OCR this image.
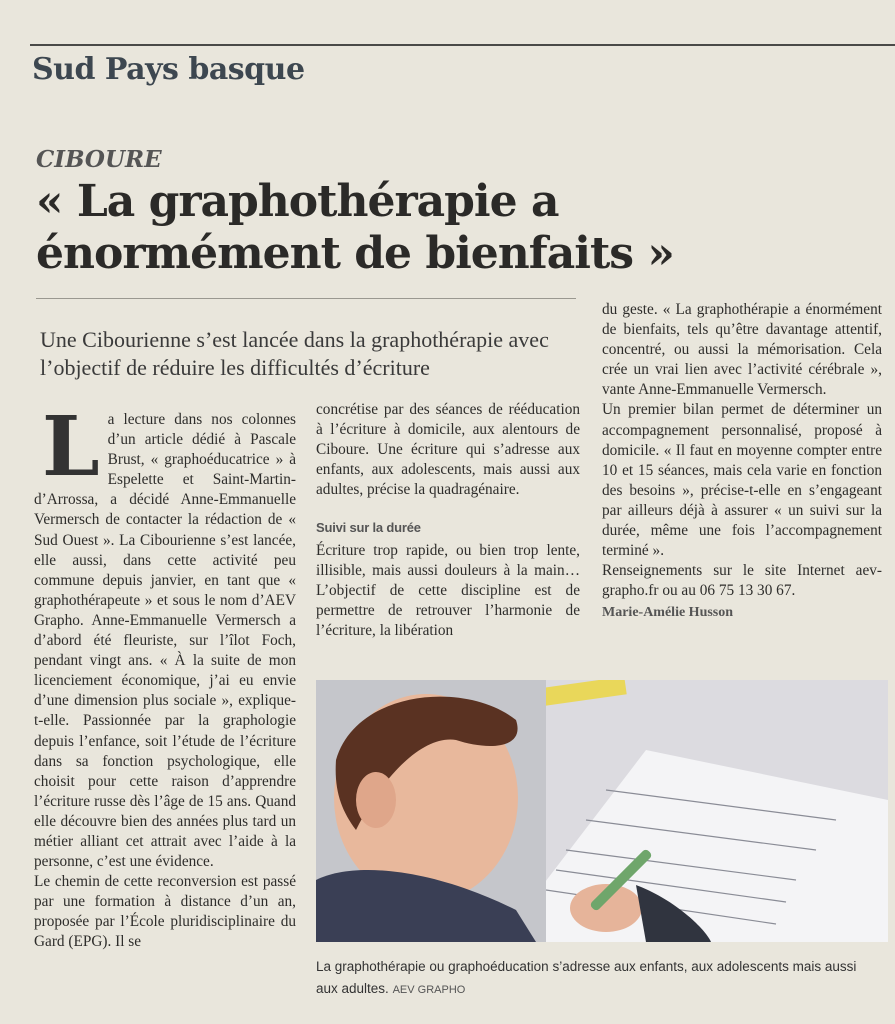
Sud Pays basque
CIBOURE
« La graphothérapie a énormément de bienfaits »
Une Cibourienne s’est lancée dans la graphothérapie avec l’objectif de réduire les difficultés d’écriture
L a lecture dans nos colonnes d’un article dédié à Pascale Brust, « graphoéducatrice » à Espelette et Saint-Martin-d’Arrossa, a décidé Anne-Emmanuelle Vermersch de contacter la rédaction de « Sud Ouest ». La Cibourienne s’est lancée, elle aussi, dans cette activité peu commune depuis janvier, en tant que « graphothérapeute » et sous le nom d’AEV Grapho. Anne-Emmanuelle Vermersch a d’abord été fleuriste, sur l’îlot Foch, pendant vingt ans. « À la suite de mon licenciement économique, j’ai eu envie d’une dimension plus sociale », explique-t-elle. Passionnée par la graphologie depuis l’enfance, soit l’étude de l’écriture dans sa fonction psychologique, elle choisit pour cette raison d’apprendre l’écriture russe dès l’âge de 15 ans. Quand elle découvre bien des années plus tard un métier alliant cet attrait avec l’aide à la personne, c’est une évidence.

Le chemin de cette reconversion est passé par une formation à distance d’un an, proposée par l’École pluridisciplinaire du Gard (EPG). Il se

concrétise par des séances de rééducation à l’écriture à domicile, aux alentours de Ciboure. Une écriture qui s’adresse aux enfants, aux adolescents, mais aussi aux adultes, précise la quadragénaire.

Suivi sur la durée

Écriture trop rapide, ou bien trop lente, illisible, mais aussi douleurs à la main… L’objectif de cette discipline est de permettre de retrouver l’harmonie de l’écriture, la libération

du geste. « La graphothérapie a énormément de bienfaits, tels qu’être davantage attentif, concentré, ou aussi la mémorisation. Cela crée un vrai lien avec l’activité cérébrale », vante Anne-Emmanuelle Vermersch.

Un premier bilan permet de déterminer un accompagnement personnalisé, proposé à domicile. « Il faut en moyenne compter entre 10 et 15 séances, mais cela varie en fonction des besoins », précise-t-elle en s’engageant par ailleurs déjà à assurer « un suivi sur la durée, même une fois l’accompagnement terminé ».

Renseignements sur le site Internet aev-grapho.fr ou au 06 75 13 30 67.

Marie-Amélie Husson

La graphothérapie ou graphoéducation s’adresse aux enfants, aux adolescents mais aussi aux adultes. AEV GRAPHO
